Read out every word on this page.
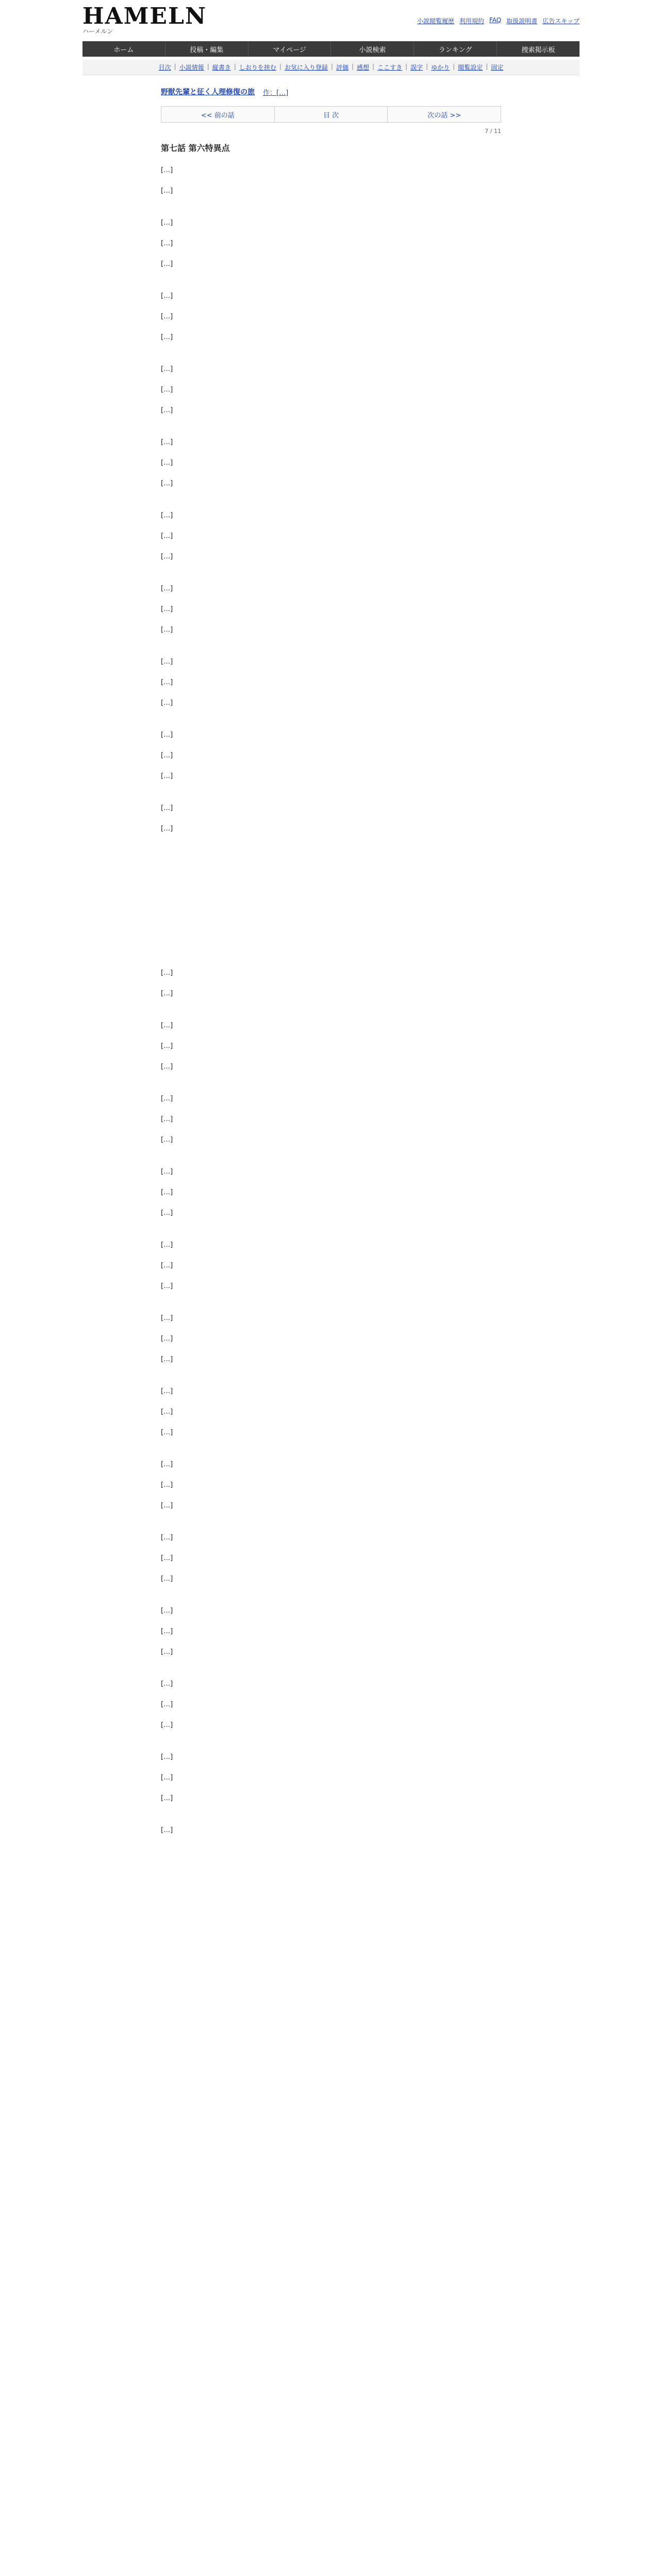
HAMELN
ハーメルン
小説閲覧履歴 利用規約 FAQ 取扱説明書 広告スキップ
ホーム	投稿・編集	マイページ	小説検索	ランキング	捜索掲示板
目次 | 小説情報 | 縦書き | しおりを挟む | お気に入り登録 | 評価 | 感想 | ここすき | 誤字 | ゆかり | 閲覧設定 | 固定
野獣先輩と征く人理修復の旅 作：[…]
<< 前の話	目 次	次の話 >>
7 / 11
第七話 第六特異点

[…]

[…]

[…]

[…]

[…]

[…]

[…]

[…]

[…]

[…]

[…]

[…]

[…]

[…]

[…]

[…]

[…]

[…]

[…]

[…]

[…]

[…]

[…]

[…]

[…]

[…]

[…]

[…]

[…]

[…]

[…]

[…]

[…]

[…]

[…]

[…]

[…]

[…]

[…]

[…]

[…]

[…]

[…]

[…]

[…]

[…]

[…]

[…]

[…]

[…]

[…]

[…]

[…]

[…]

[…]

[…]

[…]

[…]

[…]

[…]

[…]

[…]

[…]

[…]
